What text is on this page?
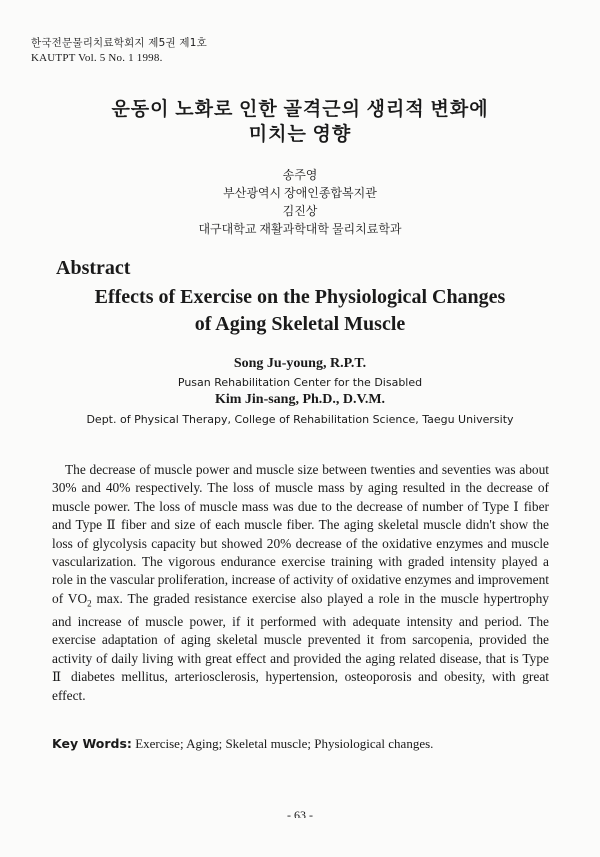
한국전문물리치료학회지 제5권 제1호
KAUTPT Vol. 5 No. 1 1998.
운동이 노화로 인한 골격근의 생리적 변화에
미치는 영향
송주영
부산광역시 장애인종합복지관
김진상
대구대학교 재활과학대학 물리치료학과
Abstract
Effects of Exercise on the Physiological Changes
of Aging Skeletal Muscle
Song Ju-young, R.P.T.
Pusan Rehabilitation Center for the Disabled
Kim Jin-sang, Ph.D., D.V.M.
Dept. of Physical Therapy, College of Rehabilitation Science, Taegu University
The decrease of muscle power and muscle size between twenties and seventies was about 30% and 40% respectively. The loss of muscle mass by aging resulted in the decrease of muscle power. The loss of muscle mass was due to the decrease of number of Type Ⅰ fiber and Type Ⅱ fiber and size of each muscle fiber. The aging skeletal muscle didn't show the loss of glycolysis capacity but showed 20% decrease of the oxidative enzymes and muscle vascularization. The vigorous endurance exercise training with graded intensity played a role in the vascular proliferation, increase of activity of oxidative enzymes and improvement of $VO_2$ max. The graded resistance exercise also played a role in the muscle hypertrophy and increase of muscle power, if it performed with adequate intensity and period. The exercise adaptation of aging skeletal muscle prevented it from sarcopenia, provided the activity of daily living with great effect and provided the aging related disease, that is Type Ⅱ diabetes mellitus, arteriosclerosis, hypertension, osteoporosis and obesity, with great effect.
Key Words: Exercise; Aging; Skeletal muscle; Physiological changes.
- 63 -
